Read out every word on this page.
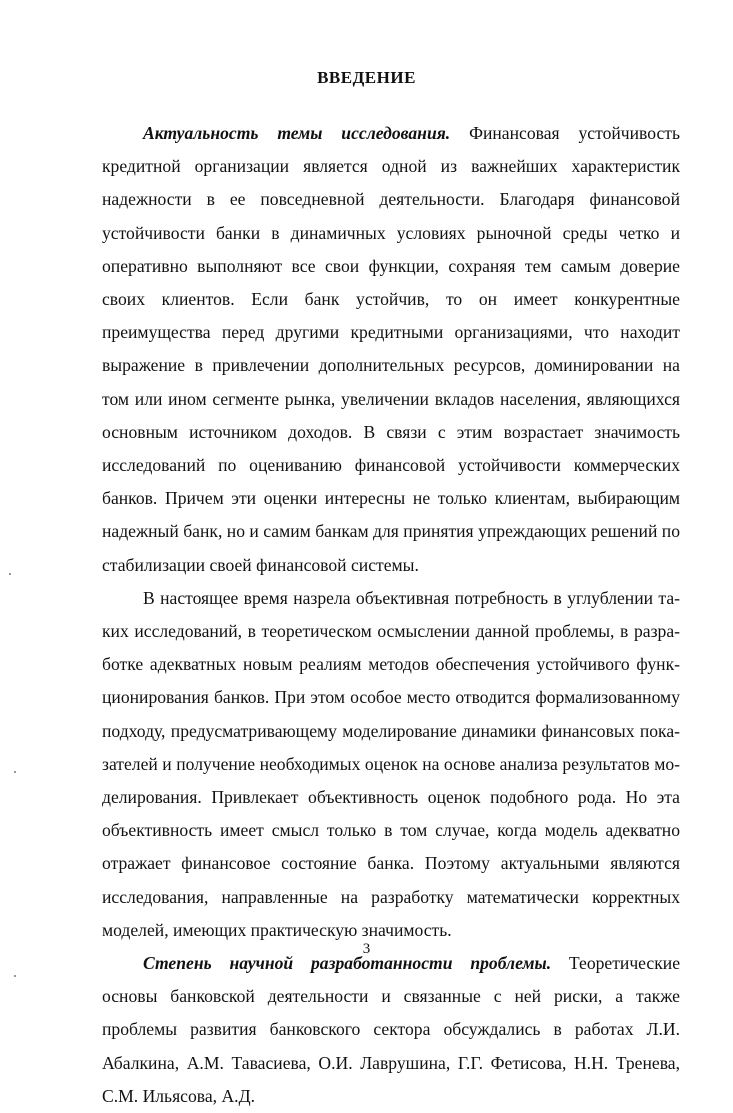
ВВЕДЕНИЕ

Актуальность темы исследования. Финансовая устойчивость кредитной организации является одной из важнейших характеристик надежности в ее повседневной деятельности. Благодаря финансовой устойчивости банки в динамичных условиях рыночной среды четко и оперативно выполняют все свои функции, сохраняя тем самым доверие своих клиентов. Если банк устойчив, то он имеет конкурентные преимущества перед другими кредитными организациями, что находит выражение в привлечении дополнительных ресурсов, доминировании на том или ином сегменте рынка, увеличении вкладов населения, являющихся основным источником доходов. В связи с этим возрастает значимость исследований по оцениванию финансовой устойчивости коммерческих банков. Причем эти оценки интересны не только клиентам, выбирающим надежный банк, но и самим банкам для принятия упреждающих решений по стабилизации своей финансовой системы.

В настоящее время назрела объективная потребность в углублении таких исследований, в теоретическом осмыслении данной проблемы, в разработке адекватных новым реалиям методов обеспечения устойчивого функционирования банков. При этом особое место отводится формализованному подходу, предусматривающему моделирование динамики финансовых показателей и получение необходимых оценок на основе анализа результатов моделирования. Привлекает объективность оценок подобного рода. Но эта объективность имеет смысл только в том случае, когда модель адекватно отражает финансовое состояние банка. Поэтому актуальными являются исследования, направленные на разработку математически корректных моделей, имеющих практическую значимость.

Степень научной разработанности проблемы. Теоретические основы банковской деятельности и связанные с ней риски, а также проблемы развития банковского сектора обсуждались в работах Л.И. Абалкина, А.М. Тавасиева, О.И. Лаврушина, Г.Г. Фетисова, Н.Н. Тренева, С.М. Ильясова, А.Д.

3
